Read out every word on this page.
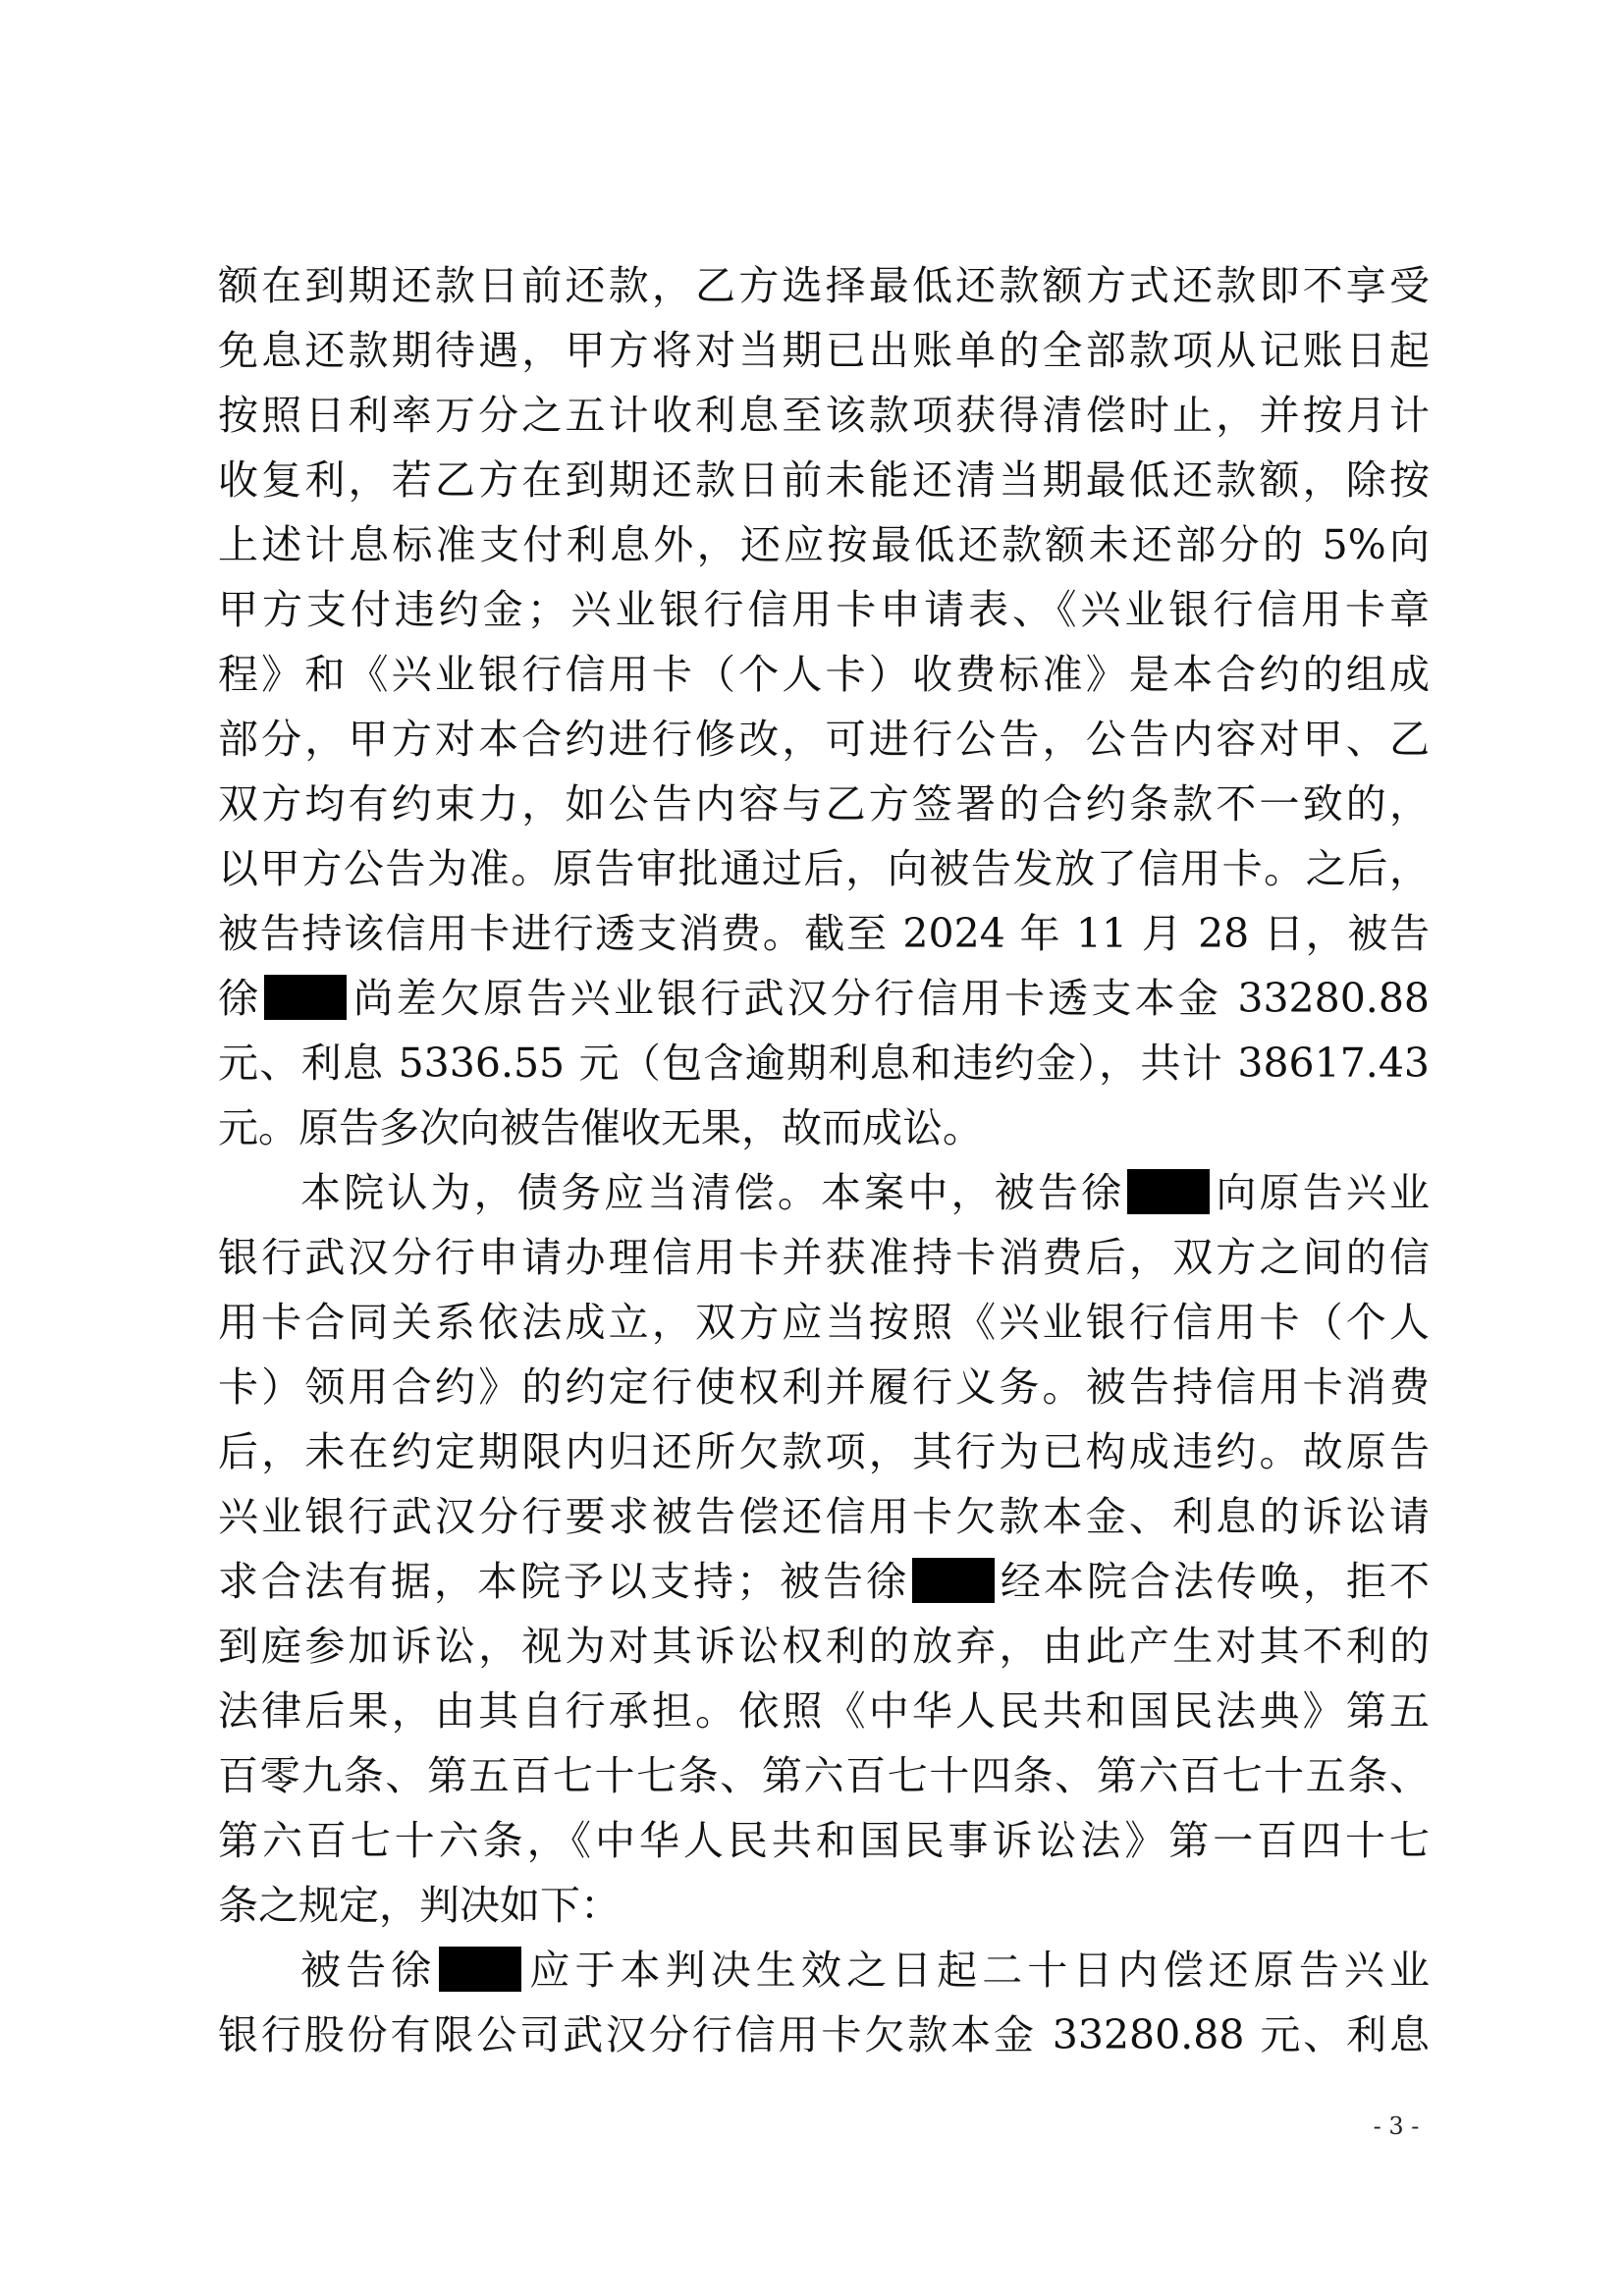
额在到期还款日前还款，乙方选择最低还款额方式还款即不享受
免息还款期待遇，甲方将对当期已出账单的全部款项从记账日起
按照日利率万分之五计收利息至该款项获得清偿时止，并按月计
收复利，若乙方在到期还款日前未能还清当期最低还款额，除按
上述计息标准支付利息外，还应按最低还款额未还部分的 5%向
甲方支付违约金；兴业银行信用卡申请表、《兴业银行信用卡章
程》和《兴业银行信用卡（个人卡）收费标准》是本合约的组成
部分，甲方对本合约进行修改，可进行公告，公告内容对甲、乙
双方均有约束力，如公告内容与乙方签署的合约条款不一致的，
以甲方公告为准。原告审批通过后，向被告发放了信用卡。之后，
被告持该信用卡进行透支消费。截至 2024 年 11 月 28 日，被告
徐 尚差欠原告兴业银行武汉分行信用卡透支本金 33280.88
元、利息 5336.55 元（包含逾期利息和违约金），共计 38617.43
元。原告多次向被告催收无果，故而成讼。
本院认为，债务应当清偿。本案中，被告徐 向原告兴业
银行武汉分行申请办理信用卡并获准持卡消费后，双方之间的信
用卡合同关系依法成立，双方应当按照《兴业银行信用卡（个人
卡）领用合约》的约定行使权利并履行义务。被告持信用卡消费
后，未在约定期限内归还所欠款项，其行为已构成违约。故原告
兴业银行武汉分行要求被告偿还信用卡欠款本金、利息的诉讼请
求合法有据，本院予以支持；被告徐 经本院合法传唤，拒不
到庭参加诉讼，视为对其诉讼权利的放弃，由此产生对其不利的
法律后果，由其自行承担。依照《中华人民共和国民法典》第五
百零九条、第五百七十七条、第六百七十四条、第六百七十五条、
第六百七十六条，《中华人民共和国民事诉讼法》第一百四十七
条之规定，判决如下：
被告徐 应于本判决生效之日起二十日内偿还原告兴业
银行股份有限公司武汉分行信用卡欠款本金 33280.88 元、利息
- 3 -
